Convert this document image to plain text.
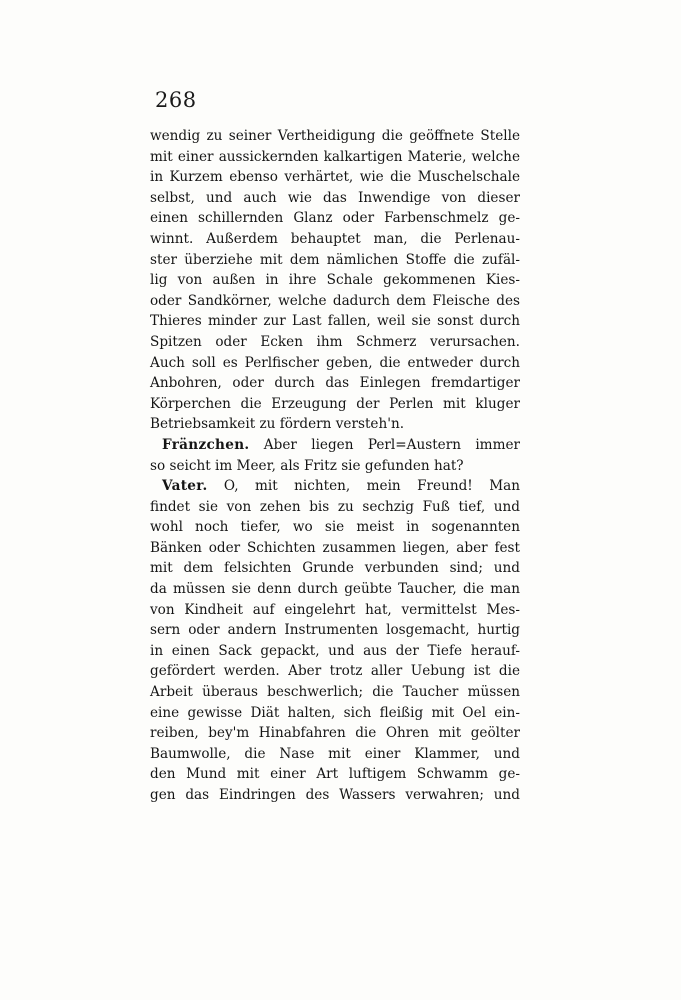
268
wendig zu seiner Vertheidigung die geöffnete Stelle
mit einer aussickernden kalkartigen Materie, welche
in Kurzem ebenso verhärtet, wie die Muschelschale
selbst, und auch wie das Inwendige von dieser
einen schillernden Glanz oder Farbenschmelz ge-
winnt. Außerdem behauptet man, die Perlenau-
ster überziehe mit dem nämlichen Stoffe die zufäl-
lig von außen in ihre Schale gekommenen Kies-
oder Sandkörner, welche dadurch dem Fleische des
Thieres minder zur Last fallen, weil sie sonst durch
Spitzen oder Ecken ihm Schmerz verursachen.
Auch soll es Perlfischer geben, die entweder durch
Anbohren, oder durch das Einlegen fremdartiger
Körperchen die Erzeugung der Perlen mit kluger
Betriebsamkeit zu fördern versteh'n.
Fränzchen. Aber liegen Perl=Austern immer
so seicht im Meer, als Fritz sie gefunden hat?
Vater. O, mit nichten, mein Freund! Man
findet sie von zehen bis zu sechzig Fuß tief, und
wohl noch tiefer, wo sie meist in sogenannten
Bänken oder Schichten zusammen liegen, aber fest
mit dem felsichten Grunde verbunden sind; und
da müssen sie denn durch geübte Taucher, die man
von Kindheit auf eingelehrt hat, vermittelst Mes-
sern oder andern Instrumenten losgemacht, hurtig
in einen Sack gepackt, und aus der Tiefe herauf-
gefördert werden. Aber trotz aller Uebung ist die
Arbeit überaus beschwerlich; die Taucher müssen
eine gewisse Diät halten, sich fleißig mit Oel ein-
reiben, bey'm Hinabfahren die Ohren mit geölter
Baumwolle, die Nase mit einer Klammer, und
den Mund mit einer Art luftigem Schwamm ge-
gen das Eindringen des Wassers verwahren; und
